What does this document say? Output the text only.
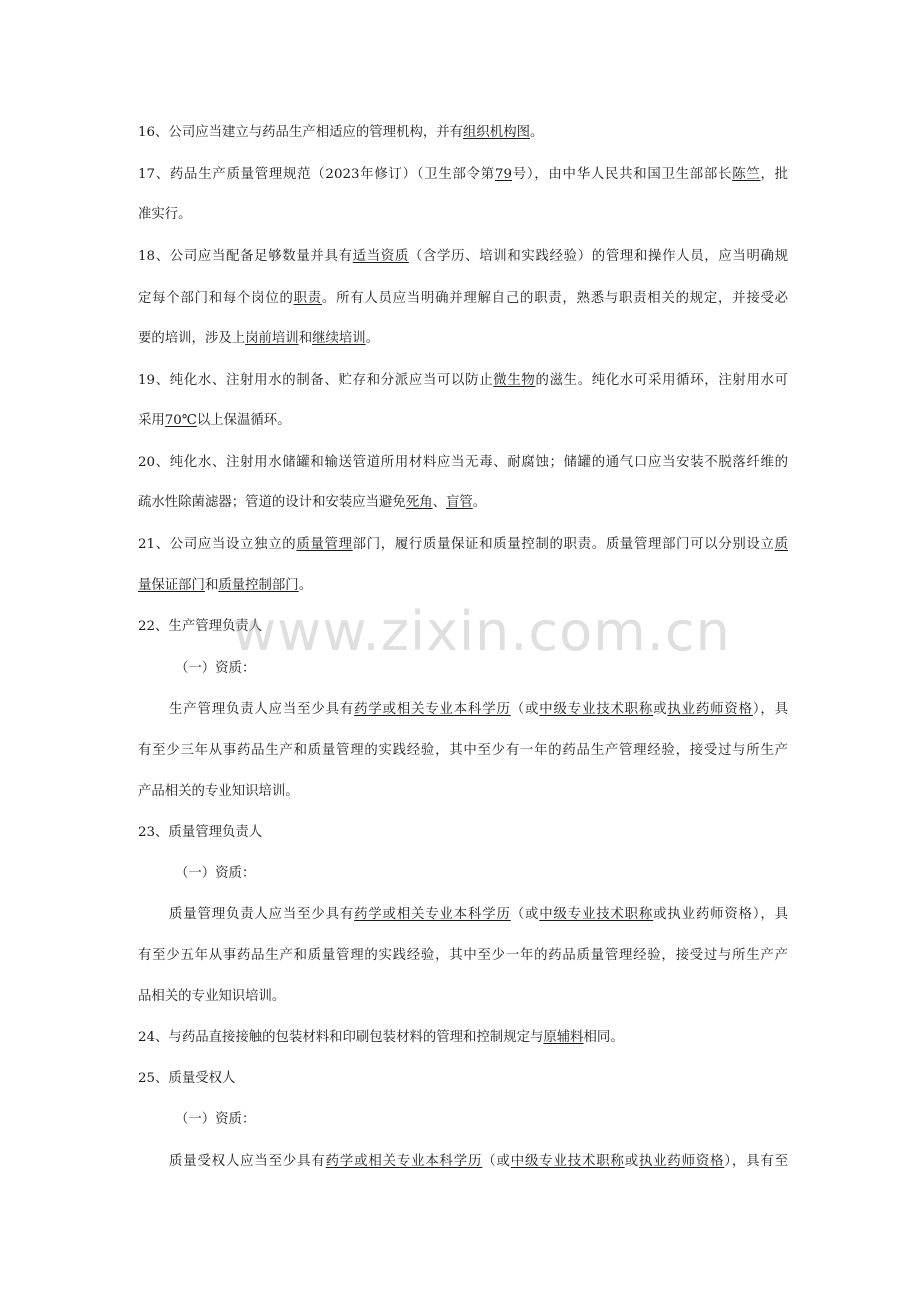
16、公司应当建立与药品生产相适应的管理机构，并有组织机构图。
17、药品生产质量管理规范（2023年修订）（卫生部令第79号），由中华人民共和国卫生部部长陈竺，批
准实行。
18、公司应当配备足够数量并具有适当资质（含学历、培训和实践经验）的管理和操作人员，应当明确规
定每个部门和每个岗位的职责。所有人员应当明确并理解自己的职责，熟悉与职责相关的规定，并接受必
要的培训，涉及上岗前培训和继续培训。
19、纯化水、注射用水的制备、贮存和分派应当可以防止微生物的滋生。纯化水可采用循环，注射用水可
采用70℃以上保温循环。
20、纯化水、注射用水储罐和输送管道所用材料应当无毒、耐腐蚀；储罐的通气口应当安装不脱落纤维的
疏水性除菌滤器；管道的设计和安装应当避免死角、盲管。
21、公司应当设立独立的质量管理部门，履行质量保证和质量控制的职责。质量管理部门可以分别设立质
量保证部门和质量控制部门。
22、生产管理负责人
（一）资质：
生产管理负责人应当至少具有药学或相关专业本科学历（或中级专业技术职称或执业药师资格），具
有至少三年从事药品生产和质量管理的实践经验，其中至少有一年的药品生产管理经验，接受过与所生产
产品相关的专业知识培训。
23、质量管理负责人
（一）资质：
质量管理负责人应当至少具有药学或相关专业本科学历（或中级专业技术职称或执业药师资格），具
有至少五年从事药品生产和质量管理的实践经验，其中至少一年的药品质量管理经验，接受过与所生产产
品相关的专业知识培训。
24、与药品直接接触的包装材料和印刷包装材料的管理和控制规定与原辅料相同。
25、质量受权人
（一）资质：
质量受权人应当至少具有药学或相关专业本科学历（或中级专业技术职称或执业药师资格），具有至
www.zixin.com.cn
